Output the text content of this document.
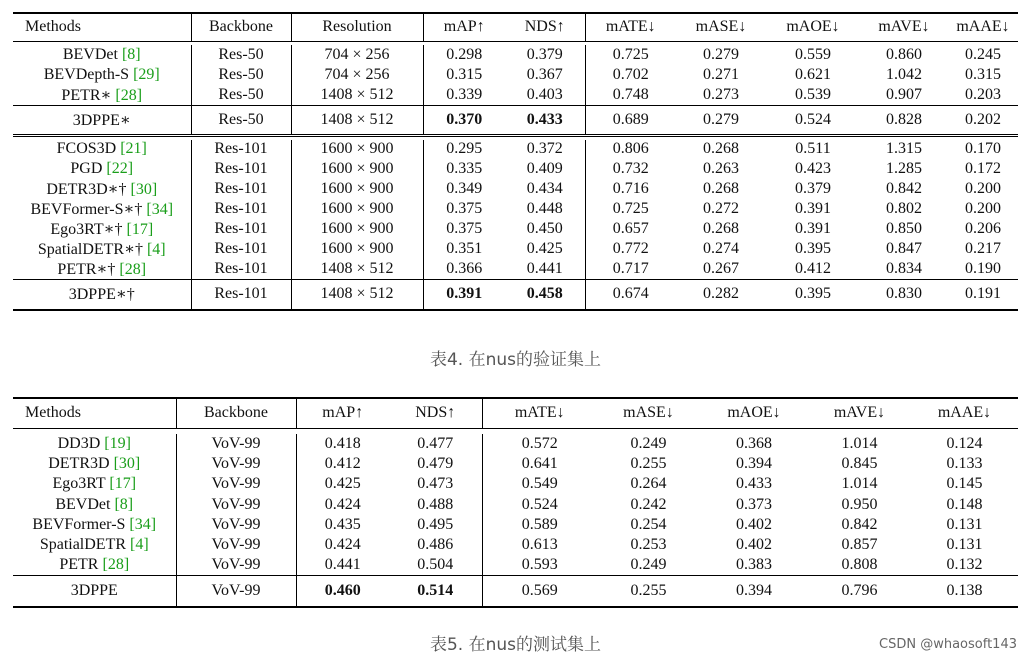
Methods	Backbone	Resolution	mAP↑	NDS↑	mATE↓	mASE↓	mAOE↓	mAVE↓	mAAE↓

BEVDet [8]	Res-50	704 × 256	0.298	0.379	0.725	0.279	0.559	0.860	0.245
BEVDepth-S [29]	Res-50	704 × 256	0.315	0.367	0.702	0.271	0.621	1.042	0.315
PETR∗ [28]	Res-50	1408 × 512	0.339	0.403	0.748	0.273	0.539	0.907	0.203
3DPPE∗	Res-50	1408 × 512	0.370	0.433	0.689	0.279	0.524	0.828	0.202

FCOS3D [21]	Res-101	1600 × 900	0.295	0.372	0.806	0.268	0.511	1.315	0.170
PGD [22]	Res-101	1600 × 900	0.335	0.409	0.732	0.263	0.423	1.285	0.172
DETR3D∗† [30]	Res-101	1600 × 900	0.349	0.434	0.716	0.268	0.379	0.842	0.200
BEVFormer-S∗† [34]	Res-101	1600 × 900	0.375	0.448	0.725	0.272	0.391	0.802	0.200
Ego3RT∗† [17]	Res-101	1600 × 900	0.375	0.450	0.657	0.268	0.391	0.850	0.206
SpatialDETR∗† [4]	Res-101	1600 × 900	0.351	0.425	0.772	0.274	0.395	0.847	0.217
PETR∗† [28]	Res-101	1408 × 512	0.366	0.441	0.717	0.267	0.412	0.834	0.190
3DPPE∗†	Res-101	1408 × 512	0.391	0.458	0.674	0.282	0.395	0.830	0.191
表4. 在nus的验证集上
Methods	Backbone	mAP↑	NDS↑	mATE↓	mASE↓	mAOE↓	mAVE↓	mAAE↓

DD3D [19]	VoV-99	0.418	0.477	0.572	0.249	0.368	1.014	0.124
DETR3D [30]	VoV-99	0.412	0.479	0.641	0.255	0.394	0.845	0.133
Ego3RT [17]	VoV-99	0.425	0.473	0.549	0.264	0.433	1.014	0.145
BEVDet [8]	VoV-99	0.424	0.488	0.524	0.242	0.373	0.950	0.148
BEVFormer-S [34]	VoV-99	0.435	0.495	0.589	0.254	0.402	0.842	0.131
SpatialDETR [4]	VoV-99	0.424	0.486	0.613	0.253	0.402	0.857	0.131
PETR [28]	VoV-99	0.441	0.504	0.593	0.249	0.383	0.808	0.132
3DPPE	VoV-99	0.460	0.514	0.569	0.255	0.394	0.796	0.138
表5. 在nus的测试集上	CSDN @whaosoft143
